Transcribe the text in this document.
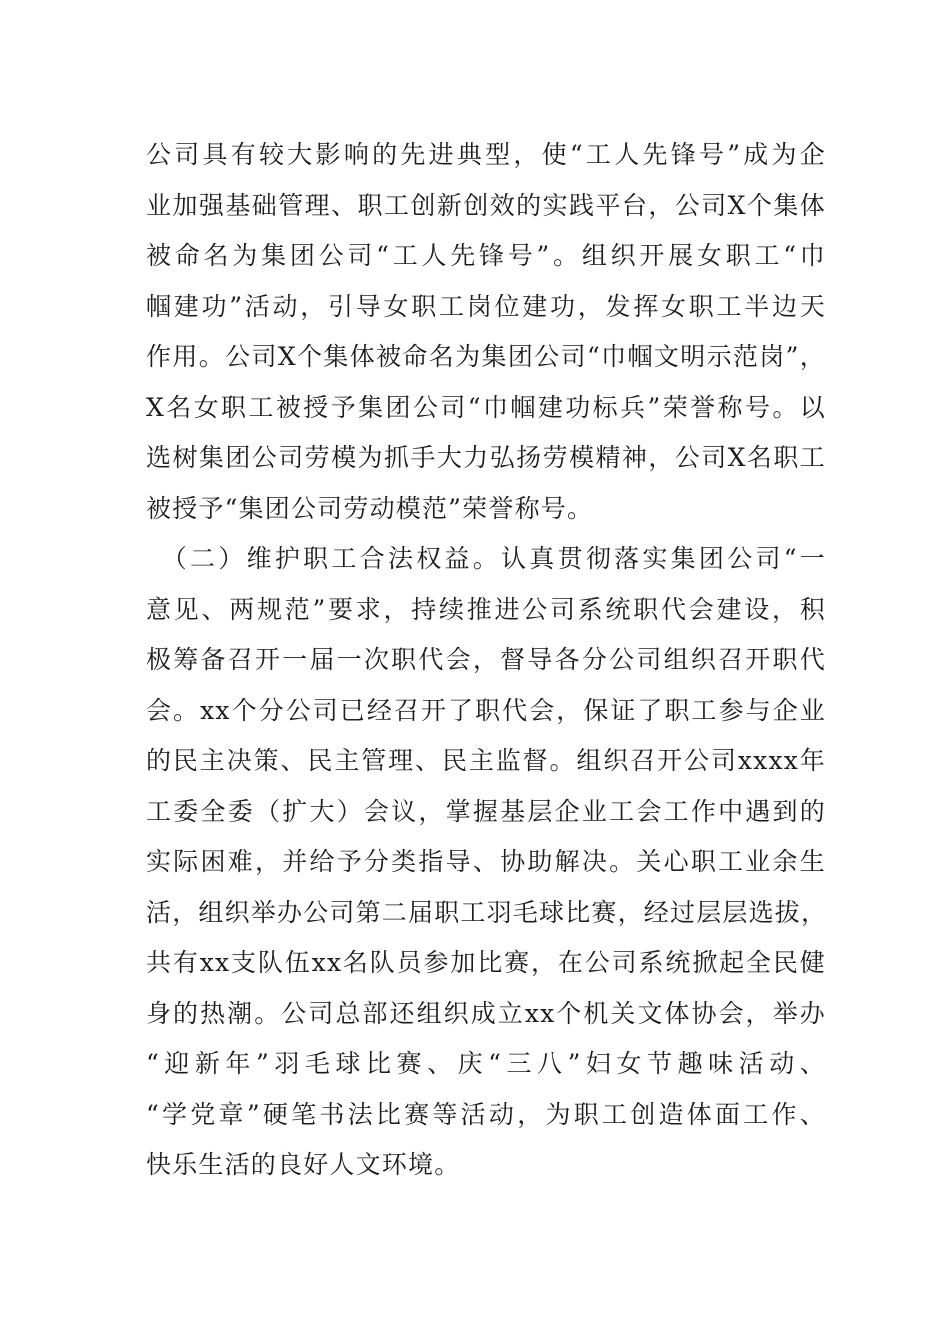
公司具有较大影响的先进典型，使“工人先锋号”成为企
业加强基础管理、职工创新创效的实践平台，公司X个集体
被命名为集团公司“工人先锋号”。组织开展女职工“巾
帼建功”活动，引导女职工岗位建功，发挥女职工半边天
作用。公司X个集体被命名为集团公司“巾帼文明示范岗”，
X名女职工被授予集团公司“巾帼建功标兵”荣誉称号。以
选树集团公司劳模为抓手大力弘扬劳模精神，公司X名职工
被授予“集团公司劳动模范”荣誉称号。
　（二）维护职工合法权益。认真贯彻落实集团公司“一
意见、两规范”要求，持续推进公司系统职代会建设，积
极筹备召开一届一次职代会，督导各分公司组织召开职代
会。xx个分公司已经召开了职代会，保证了职工参与企业
的民主决策、民主管理、民主监督。组织召开公司xxxx年
工委全委（扩大）会议，掌握基层企业工会工作中遇到的
实际困难，并给予分类指导、协助解决。关心职工业余生
活，组织举办公司第二届职工羽毛球比赛，经过层层选拔，
共有xx支队伍xx名队员参加比赛，在公司系统掀起全民健
身的热潮。公司总部还组织成立xx个机关文体协会，举办
“迎新年”羽毛球比赛、庆“三八”妇女节趣味活动、
“学党章”硬笔书法比赛等活动，为职工创造体面工作、
快乐生活的良好人文环境。
